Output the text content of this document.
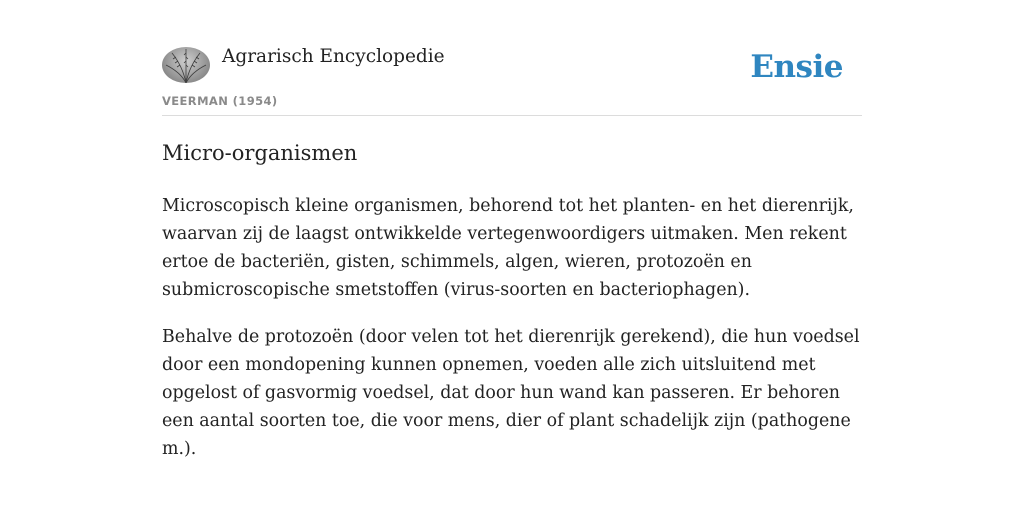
Agrarisch Encyclopedie
VEERMAN (1954)
Ensie
Micro-organismen

Microscopisch kleine organismen, behorend tot het planten- en het dierenrijk, waarvan zij de laagst ontwikkelde vertegenwoordigers uitmaken. Men rekent ertoe de bacteriën, gisten, schimmels, algen, wieren, protozoën en submicroscopische smetstoffen (virus-soorten en bacteriophagen).

Behalve de protozoën (door velen tot het dierenrijk gerekend), die hun voedsel door een mondopening kunnen opnemen, voeden alle zich uitsluitend met opgelost of gasvormig voedsel, dat door hun wand kan passeren. Er behoren een aantal soorten toe, die voor mens, dier of plant schadelijk zijn (pathogene m.).
